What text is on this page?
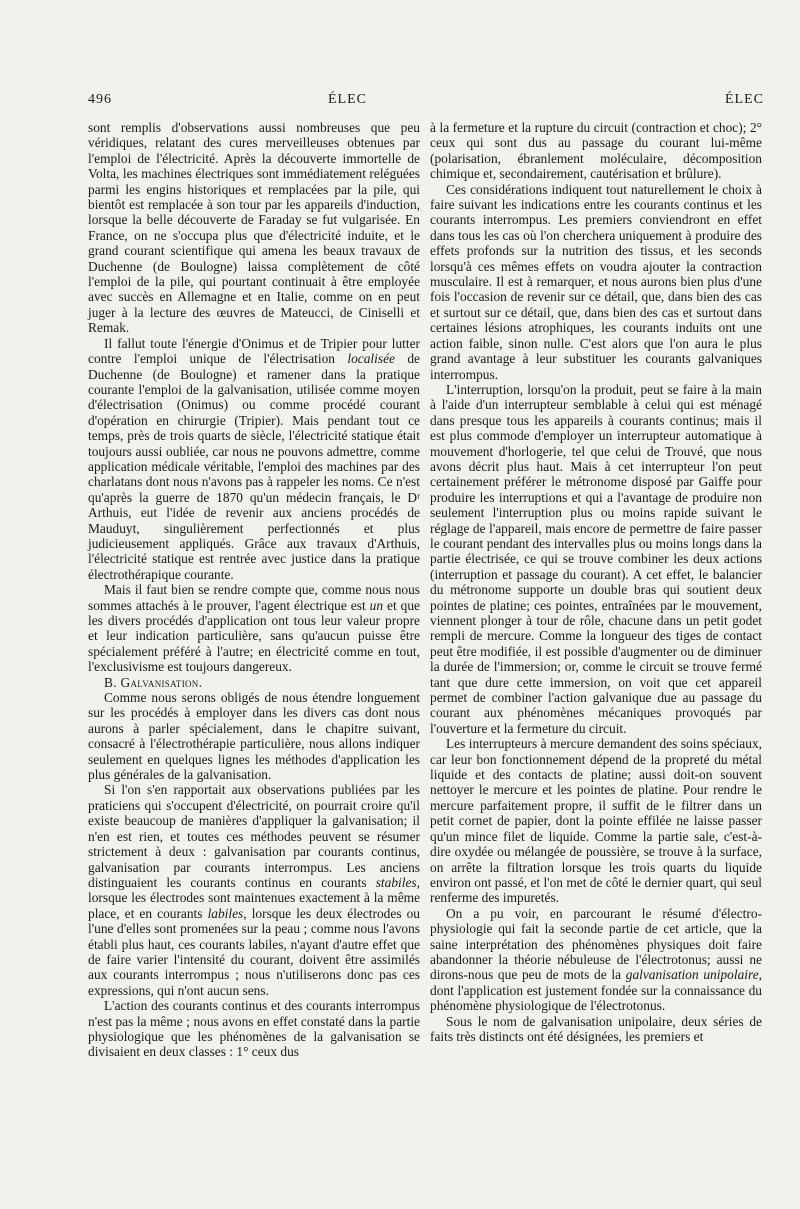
496	ÉLEC	ÉLEC

sont remplis d'observations aussi nombreuses que peu véridiques, relatant des cures merveilleuses obtenues par l'emploi de l'électricité. Après la découverte immortelle de Volta, les machines électriques sont immédiatement reléguées parmi les engins historiques et remplacées par la pile, qui bientôt est remplacée à son tour par les appareils d'induction, lorsque la belle découverte de Faraday se fut vulgarisée. En France, on ne s'occupa plus que d'électricité induite, et le grand courant scientifique qui amena les beaux travaux de Duchenne (de Boulogne) laissa complètement de côté l'emploi de la pile, qui pourtant continuait à être employée avec succès en Allemagne et en Italie, comme on en peut juger à la lecture des œuvres de Mateucci, de Ciniselli et Remak.

Il fallut toute l'énergie d'Onimus et de Tripier pour lutter contre l'emploi unique de l'électrisation localisée de Duchenne (de Boulogne) et ramener dans la pratique courante l'emploi de la galvanisation, utilisée comme moyen d'électrisation (Onimus) ou comme procédé courant d'opération en chirurgie (Tripier). Mais pendant tout ce temps, près de trois quarts de siècle, l'électricité statique était toujours aussi oubliée, car nous ne pouvons admettre, comme application médicale véritable, l'emploi des machines par des charlatans dont nous n'avons pas à rappeler les noms. Ce n'est qu'après la guerre de 1870 qu'un médecin français, le Dʳ Arthuis, eut l'idée de revenir aux anciens procédés de Mauduyt, singulièrement perfectionnés et plus judicieusement appliqués. Grâce aux travaux d'Arthuis, l'électricité statique est rentrée avec justice dans la pratique électrothérapique courante.

Mais il faut bien se rendre compte que, comme nous nous sommes attachés à le prouver, l'agent électrique est un et que les divers procédés d'application ont tous leur valeur propre et leur indication particulière, sans qu'aucun puisse être spécialement préféré à l'autre; en électricité comme en tout, l'exclusivisme est toujours dangereux.

B. Galvanisation.

Comme nous serons obligés de nous étendre longuement sur les procédés à employer dans les divers cas dont nous aurons à parler spécialement, dans le chapitre suivant, consacré à l'électrothérapie particulière, nous allons indiquer seulement en quelques lignes les méthodes d'application les plus générales de la galvanisation.

Si l'on s'en rapportait aux observations publiées par les praticiens qui s'occupent d'électricité, on pourrait croire qu'il existe beaucoup de manières d'appliquer la galvanisation; il n'en est rien, et toutes ces méthodes peuvent se résumer strictement à deux : galvanisation par courants continus, galvanisation par courants interrompus. Les anciens distinguaient les courants continus en courants stabiles, lorsque les électrodes sont maintenues exactement à la même place, et en courants labiles, lorsque les deux électrodes ou l'une d'elles sont promenées sur la peau ; comme nous l'avons établi plus haut, ces courants labiles, n'ayant d'autre effet que de faire varier l'intensité du courant, doivent être assimilés aux courants interrompus ; nous n'utiliserons donc pas ces expressions, qui n'ont aucun sens.

L'action des courants continus et des courants interrompus n'est pas la même ; nous avons en effet constaté dans la partie physiologique que les phénomènes de la galvanisation se divisaient en deux classes : 1° ceux dus

à la fermeture et la rupture du circuit (contraction et choc); 2° ceux qui sont dus au passage du courant lui-même (polarisation, ébranlement moléculaire, décomposition chimique et, secondairement, cautérisation et brûlure).

Ces considérations indiquent tout naturellement le choix à faire suivant les indications entre les courants continus et les courants interrompus. Les premiers conviendront en effet dans tous les cas où l'on cherchera uniquement à produire des effets profonds sur la nutrition des tissus, et les seconds lorsqu'à ces mêmes effets on voudra ajouter la contraction musculaire. Il est à remarquer, et nous aurons bien plus d'une fois l'occasion de revenir sur ce détail, que, dans bien des cas et surtout sur ce détail, que, dans bien des cas et surtout dans certaines lésions atrophiques, les courants induits ont une action faible, sinon nulle. C'est alors que l'on aura le plus grand avantage à leur substituer les courants galvaniques interrompus.

L'interruption, lorsqu'on la produit, peut se faire à la main à l'aide d'un interrupteur semblable à celui qui est ménagé dans presque tous les appareils à courants continus; mais il est plus commode d'employer un interrupteur automatique à mouvement d'horlogerie, tel que celui de Trouvé, que nous avons décrit plus haut. Mais à cet interrupteur l'on peut certainement préférer le métronome disposé par Gaiffe pour produire les interruptions et qui a l'avantage de produire non seulement l'interruption plus ou moins rapide suivant le réglage de l'appareil, mais encore de permettre de faire passer le courant pendant des intervalles plus ou moins longs dans la partie électrisée, ce qui se trouve combiner les deux actions (interruption et passage du courant). A cet effet, le balancier du métronome supporte un double bras qui soutient deux pointes de platine; ces pointes, entraînées par le mouvement, viennent plonger à tour de rôle, chacune dans un petit godet rempli de mercure. Comme la longueur des tiges de contact peut être modifiée, il est possible d'augmenter ou de diminuer la durée de l'immersion; or, comme le circuit se trouve fermé tant que dure cette immersion, on voit que cet appareil permet de combiner l'action galvanique due au passage du courant aux phénomènes mécaniques provoqués par l'ouverture et la fermeture du circuit.

Les interrupteurs à mercure demandent des soins spéciaux, car leur bon fonctionnement dépend de la propreté du métal liquide et des contacts de platine; aussi doit-on souvent nettoyer le mercure et les pointes de platine. Pour rendre le mercure parfaitement propre, il suffit de le filtrer dans un petit cornet de papier, dont la pointe effilée ne laisse passer qu'un mince filet de liquide. Comme la partie sale, c'est-à-dire oxydée ou mélangée de poussière, se trouve à la surface, on arrête la filtration lorsque les trois quarts du liquide environ ont passé, et l'on met de côté le dernier quart, qui seul renferme des impuretés.

On a pu voir, en parcourant le résumé d'électro-physiologie qui fait la seconde partie de cet article, que la saine interprétation des phénomènes physiques doit faire abandonner la théorie nébuleuse de l'électrotonus; aussi ne dirons-nous que peu de mots de la galvanisation unipolaire, dont l'application est justement fondée sur la connaissance du phénomène physiologique de l'électrotonus.

Sous le nom de galvanisation unipolaire, deux séries de faits très distincts ont été désignées, les premiers et
